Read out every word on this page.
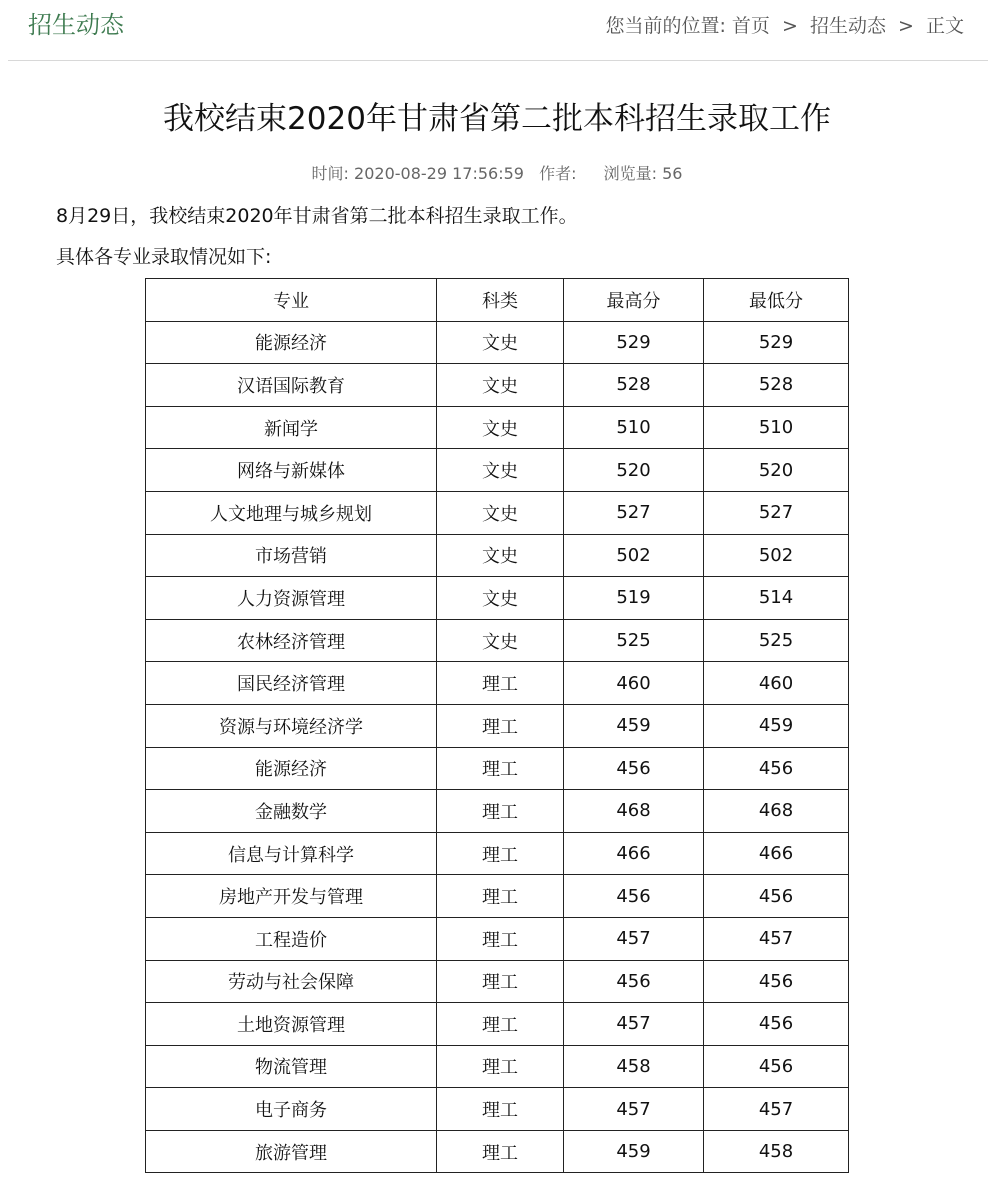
招生动态	您当前的位置: 首页 > 招生动态 > 正文
我校结束2020年甘肃省第二批本科招生录取工作
时间: 2020-08-29 17:56:59 作者: 浏览量: 56
8月29日，我校结束2020年甘肃省第二批本科招生录取工作。
具体各专业录取情况如下:
专业	科类	最高分	最低分
能源经济	文史	529	529
汉语国际教育	文史	528	528
新闻学	文史	510	510
网络与新媒体	文史	520	520
人文地理与城乡规划	文史	527	527
市场营销	文史	502	502
人力资源管理	文史	519	514
农林经济管理	文史	525	525
国民经济管理	理工	460	460
资源与环境经济学	理工	459	459
能源经济	理工	456	456
金融数学	理工	468	468
信息与计算科学	理工	466	466
房地产开发与管理	理工	456	456
工程造价	理工	457	457
劳动与社会保障	理工	456	456
土地资源管理	理工	457	456
物流管理	理工	458	456
电子商务	理工	457	457
旅游管理	理工	459	458
